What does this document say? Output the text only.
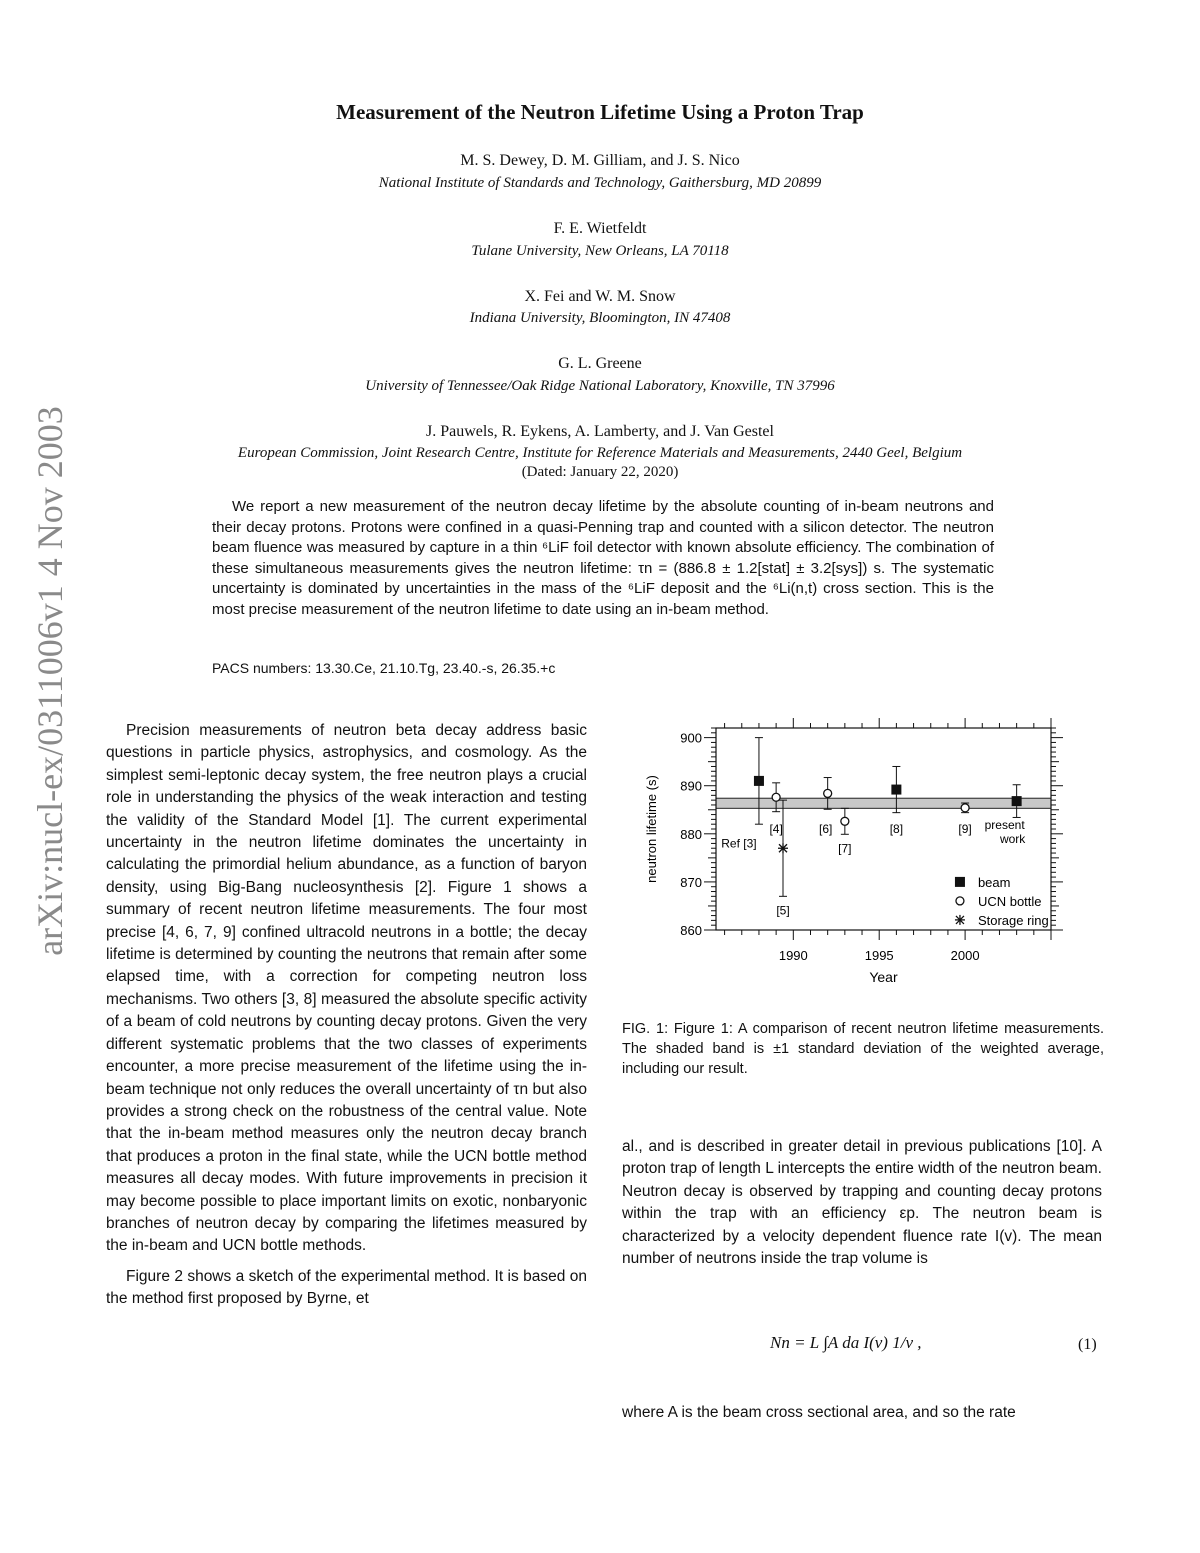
arXiv:nucl-ex/0311006v1 4 Nov 2003
Measurement of the Neutron Lifetime Using a Proton Trap
M. S. Dewey, D. M. Gilliam, and J. S. Nico
National Institute of Standards and Technology, Gaithersburg, MD 20899
F. E. Wietfeldt
Tulane University, New Orleans, LA 70118
X. Fei and W. M. Snow
Indiana University, Bloomington, IN 47408
G. L. Greene
University of Tennessee/Oak Ridge National Laboratory, Knoxville, TN 37996
J. Pauwels, R. Eykens, A. Lamberty, and J. Van Gestel
European Commission, Joint Research Centre, Institute for Reference Materials and Measurements, 2440 Geel, Belgium
(Dated: January 22, 2020)
We report a new measurement of the neutron decay lifetime by the absolute counting of in-beam neutrons and their decay protons. Protons were confined in a quasi-Penning trap and counted with a silicon detector. The neutron beam fluence was measured by capture in a thin ⁶LiF foil detector with known absolute efficiency. The combination of these simultaneous measurements gives the neutron lifetime: τn = (886.8 ± 1.2[stat] ± 3.2[sys]) s. The systematic uncertainty is dominated by uncertainties in the mass of the ⁶LiF deposit and the ⁶Li(n,t) cross section. This is the most precise measurement of the neutron lifetime to date using an in-beam method.
PACS numbers: 13.30.Ce, 21.10.Tg, 23.40.-s, 26.35.+c

Precision measurements of neutron beta decay address basic questions in particle physics, astrophysics, and cosmology. As the simplest semi-leptonic decay system, the free neutron plays a crucial role in understanding the physics of the weak interaction and testing the validity of the Standard Model [1]. The current experimental uncertainty in the neutron lifetime dominates the uncertainty in calculating the primordial helium abundance, as a function of baryon density, using Big-Bang nucleosynthesis [2]. Figure 1 shows a summary of recent neutron lifetime measurements. The four most precise [4, 6, 7, 9] confined ultracold neutrons in a bottle; the decay lifetime is determined by counting the neutrons that remain after some elapsed time, with a correction for competing neutron loss mechanisms. Two others [3, 8] measured the absolute specific activity of a beam of cold neutrons by counting decay protons. Given the very different systematic problems that the two classes of experiments encounter, a more precise measurement of the lifetime using the in-beam technique not only reduces the overall uncertainty of τn but also provides a strong check on the robustness of the central value. Note that the in-beam method measures only the neutron decay branch that produces a proton in the final state, while the UCN bottle method measures all decay modes. With future improvements in precision it may become possible to place important limits on exotic, nonbaryonic branches of neutron decay by comparing the lifetimes measured by the in-beam and UCN bottle methods.

Figure 2 shows a sketch of the experimental method. It is based on the method first proposed by Byrne, et

1990	1995	2000
860
870
880
890
900
Year
neutron lifetime (s)	Ref [3]
[8]	present
work
[4]	[6]
[7]
[9]
[5]
beam
UCN bottle
Storage ring
FIG. 1: Figure 1: A comparison of recent neutron lifetime measurements. The shaded band is ±1 standard deviation of the weighted average, including our result.

al., and is described in greater detail in previous publications [10]. A proton trap of length L intercepts the entire width of the neutron beam. Neutron decay is observed by trapping and counting decay protons within the trap with an efficiency εp. The neutron beam is characterized by a velocity dependent fluence rate I(v). The mean number of neutrons inside the trap volume is

Nn = L ∫A da I(v) 1/v ,	(1)

where A is the beam cross sectional area, and so the rate
